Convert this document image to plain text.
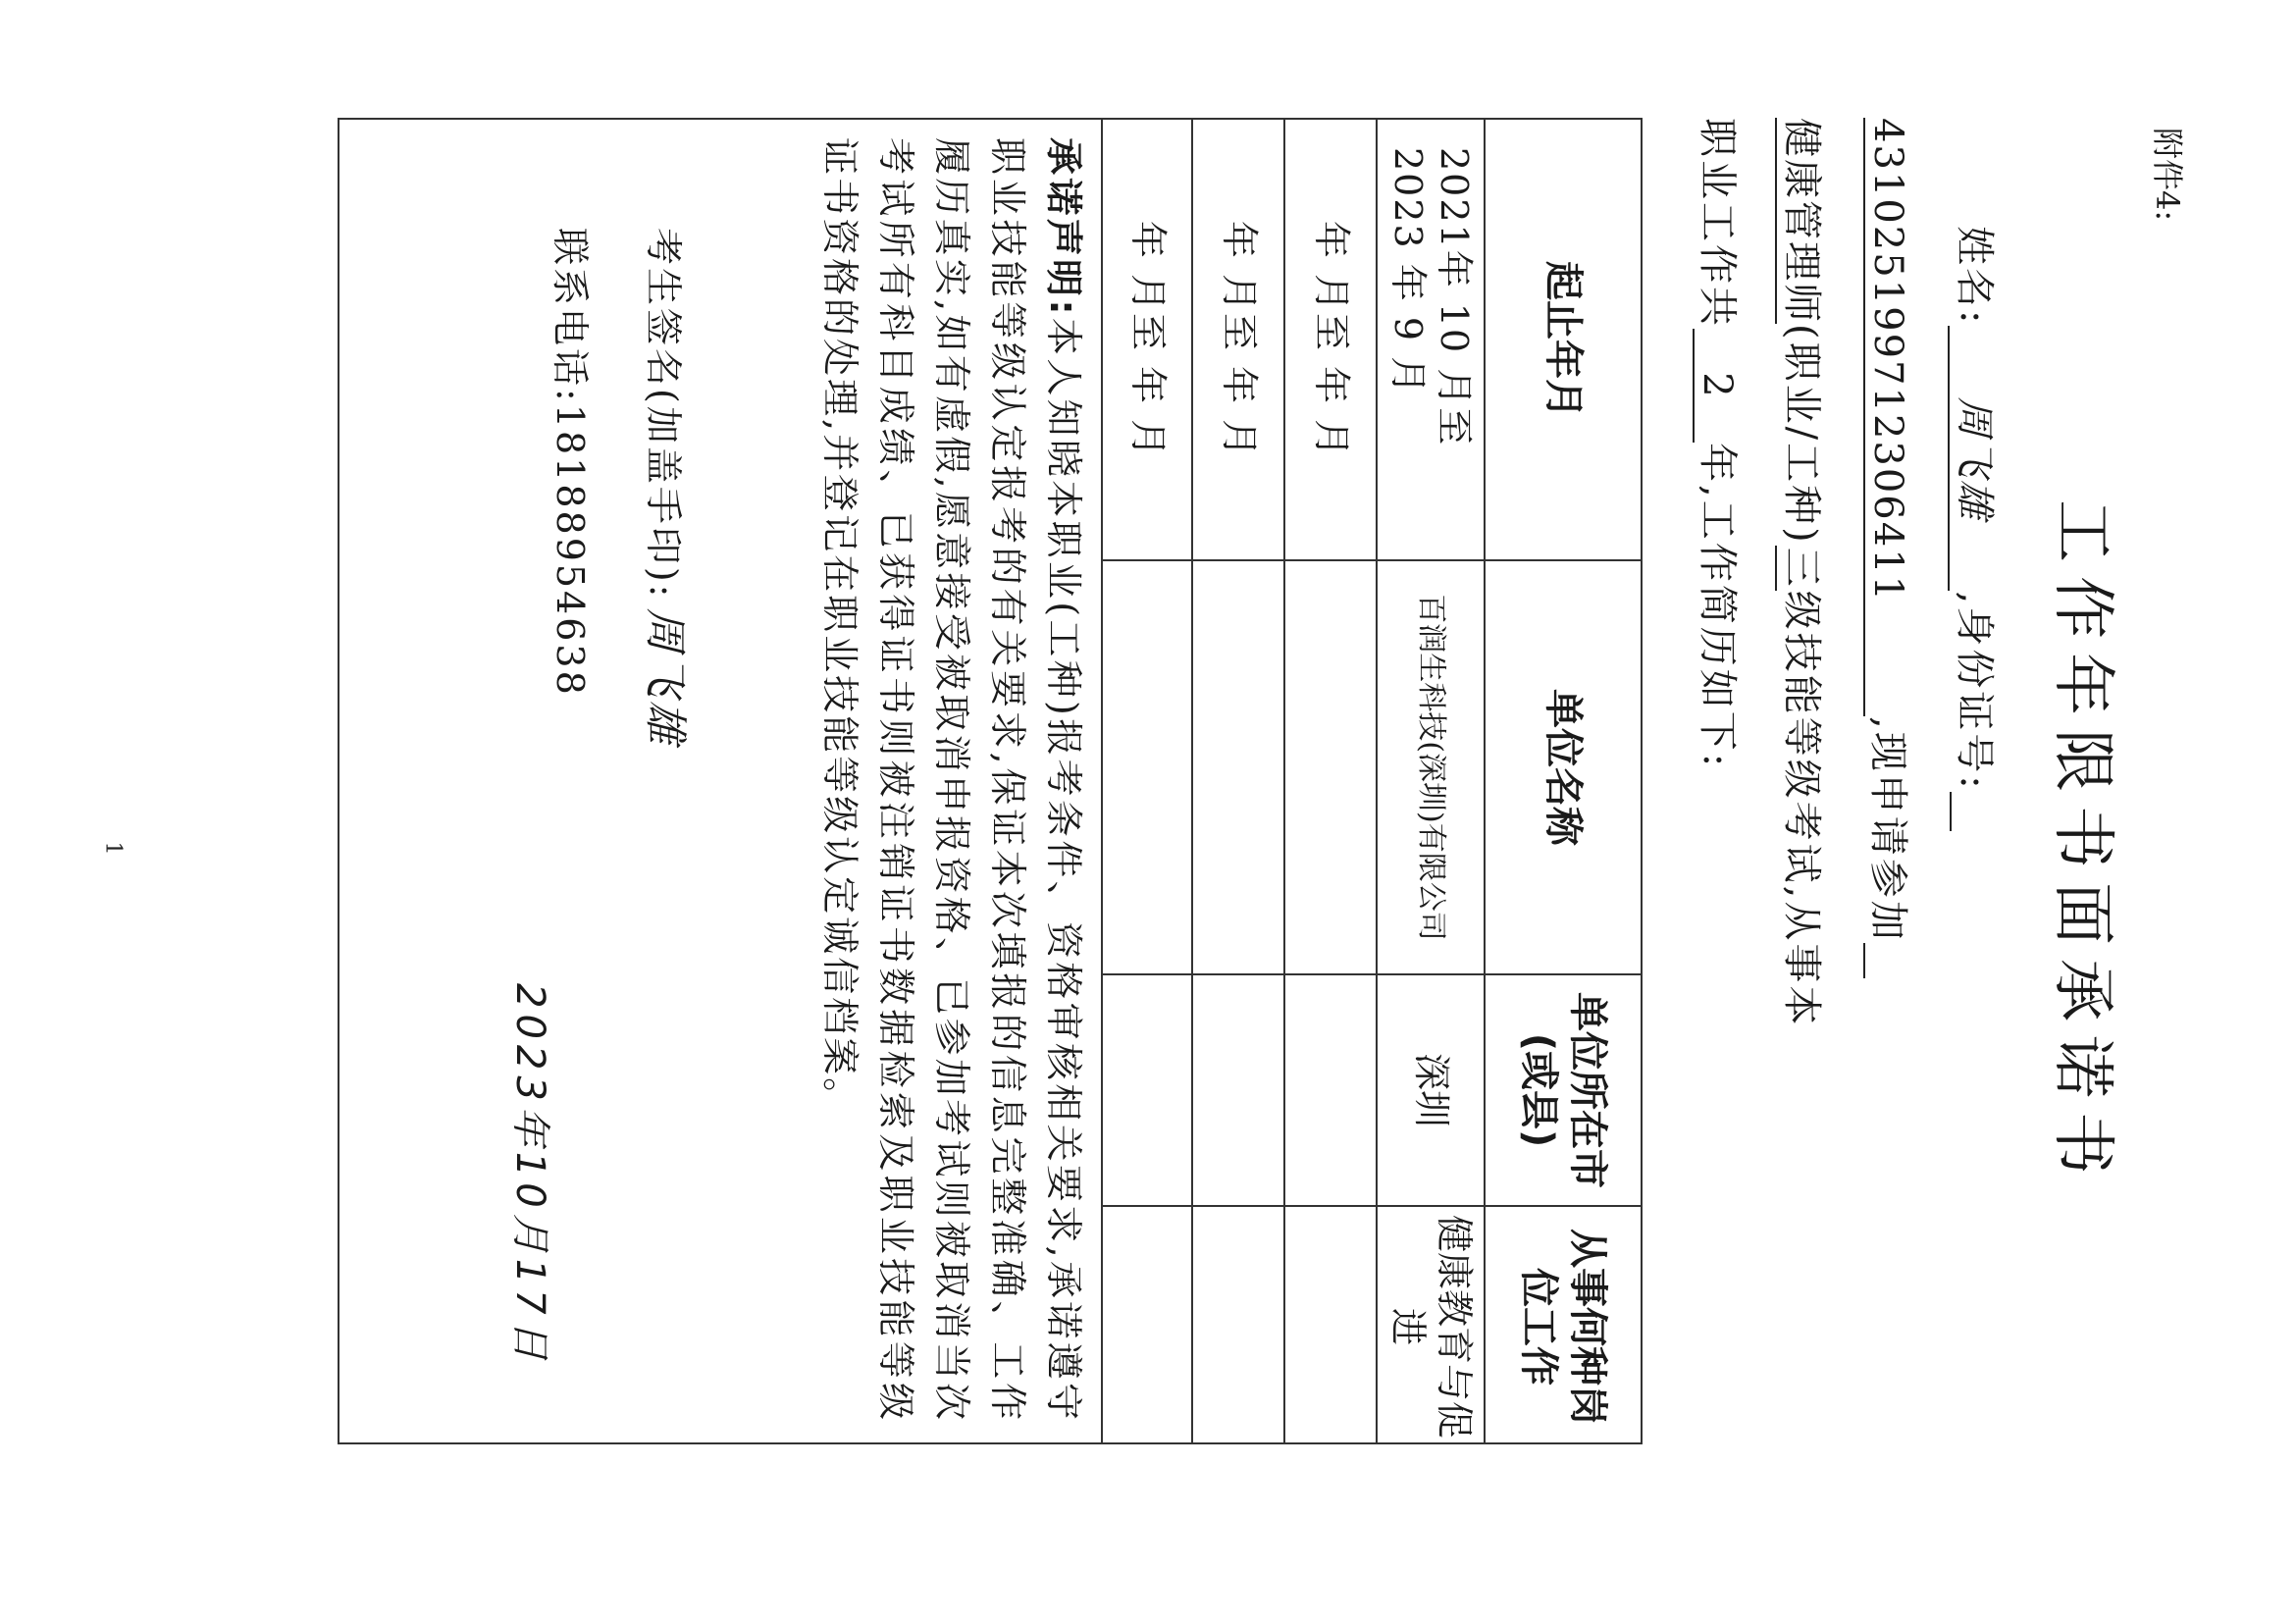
1
附件4:
工作年限书面承诺书
姓名:周飞雄,身份证号:
431025199712306411,现申请参加
健康管理师(职业/工种)三级技能等级考试,从事本
职业工作共2年,工作简历如下:
起止年月
单位名称
单位所在市(或县)
从事何种岗位工作
2021年 10 月至 2023 年 9 月
百润生科技(深圳)有限公司
深圳
健康教育与促进
年 月至 年 月
年 月至 年 月
年 月至 年 月
承诺声明:本人知晓本职业(工种)报考条件、资格审核相关要求,承诺遵守职业技能等级认定报考的有关要求,保证本次填报的信息完整准确、工作履历真实,如有虚假,愿意接受被取消申报资格、已参加考试则被取消当次考试所有科目成绩、已获得证书则被注销证书数据检索及职业技能等级证书资格的处理,并登记在职业技能等级认定诚信档案。
考生签名(加盖手印):周飞雄
联系电话:18188954638
2023年10月17日
